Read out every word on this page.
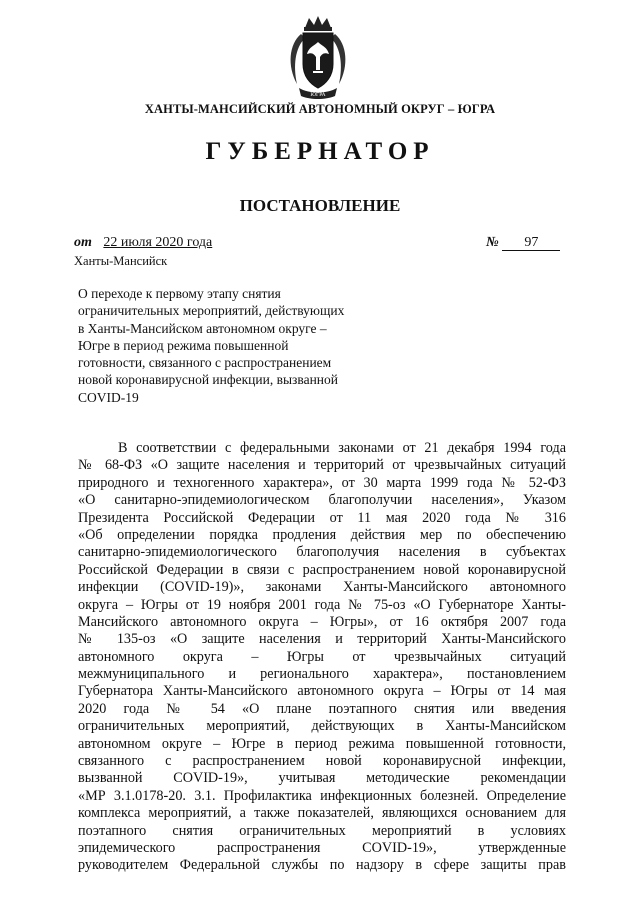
ЮГРА
ХАНТЫ-МАНСИЙСКИЙ АВТОНОМНЫЙ ОКРУГ – ЮГРА
ГУБЕРНАТОР
ПОСТАНОВЛЕНИЕ
от 22 июля 2020 года	№ 97
Ханты-Мансийск
О переходе к первому этапу снятия
ограничительных мероприятий, действующих
в Ханты-Мансийском автономном округе –
Югре в период режима повышенной
готовности, связанного с распространением
новой коронавирусной инфекции, вызванной
COVID-19
В соответствии с федеральными законами от 21 декабря 1994 года
№ 68-ФЗ «О защите населения и территорий от чрезвычайных ситуаций
природного и техногенного характера», от 30 марта 1999 года № 52-ФЗ
«О санитарно-эпидемиологическом благополучии населения», Указом
Президента Российской Федерации от 11 мая 2020 года № 316
«Об определении порядка продления действия мер по обеспечению
санитарно-эпидемиологического благополучия населения в субъектах
Российской Федерации в связи с распространением новой коронавирусной
инфекции (COVID-19)», законами Ханты-Мансийского автономного
округа – Югры от 19 ноября 2001 года № 75-оз «О Губернаторе Ханты-
Мансийского автономного округа – Югры», от 16 октября 2007 года
№ 135-оз «О защите населения и территорий Ханты-Мансийского
автономного округа – Югры от чрезвычайных ситуаций
межмуниципального и регионального характера», постановлением
Губернатора Ханты-Мансийского автономного округа – Югры от 14 мая
2020 года № 54 «О плане поэтапного снятия или введения
ограничительных мероприятий, действующих в Ханты-Мансийском
автономном округе – Югре в период режима повышенной готовности,
связанного с распространением новой коронавирусной инфекции,
вызванной COVID-19», учитывая методические рекомендации
«МР 3.1.0178-20. 3.1. Профилактика инфекционных болезней. Определение
комплекса мероприятий, а также показателей, являющихся основанием для
поэтапного снятия ограничительных мероприятий в условиях
эпидемического распространения COVID-19», утвержденные
руководителем Федеральной службы по надзору в сфере защиты прав
